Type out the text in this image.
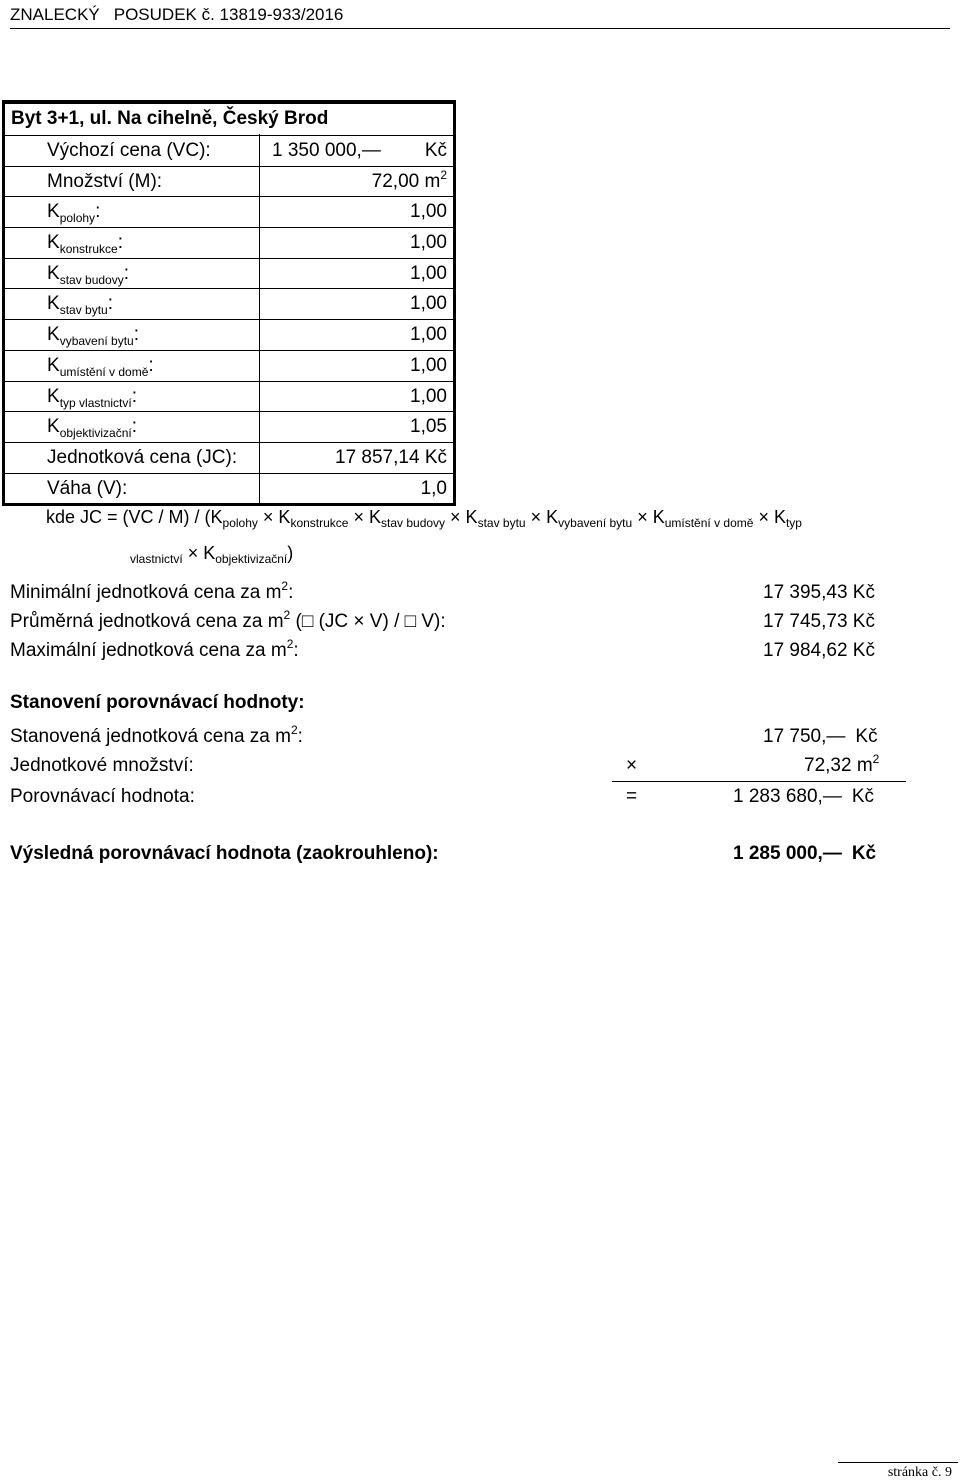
ZNALECKÝ POSUDEK č. 13819-933/2016
Byt 3+1, ul. Na cihelně, Český Brod
Výchozí cena (VC):	1 350 000,— Kč
Množství (M):	72,00 $m^2$
$K_{polohy}$:	1,00
$K_{konstrukce}$:	1,00
$K_{stav budovy}$:	1,00
$K_{stav bytu}$:	1,00
$K_{vybavení bytu}$:	1,00
$K_{umístění v domě}$:	1,00
$K_{typ vlastnictví}$:	1,00
$K_{objektivizační}$:	1,05
Jednotková cena (JC):	17 857,14 Kč
Váha (V):	1,0
kde JC = $(VC / M) / (K_{polohy} \times K_{konstrukce} \times K_{stav budovy} \times K_{stav bytu} \times K_{vybavení bytu} \times K_{umístění v domě} \times K_{typ}$
$_{vlastnictví} \times K_{objektivizační}$)
Minimální jednotková cena za $m^2$:	17 395,43 Kč
Průměrná jednotková cena za $m^2$ (□ (JC × V) / □ V):	17 745,73 Kč
Maximální jednotková cena za $m^2$:	17 984,62 Kč
Stanovení porovnávací hodnoty:
Stanovená jednotková cena za $m^2$:	17 750,— Kč
Jednotkové množství:	×	72,32 $m^2$
Porovnávací hodnota:	=	1 283 680,— Kč
Výsledná porovnávací hodnota (zaokrouhleno):	1 285 000,— Kč
stránka č. 9
